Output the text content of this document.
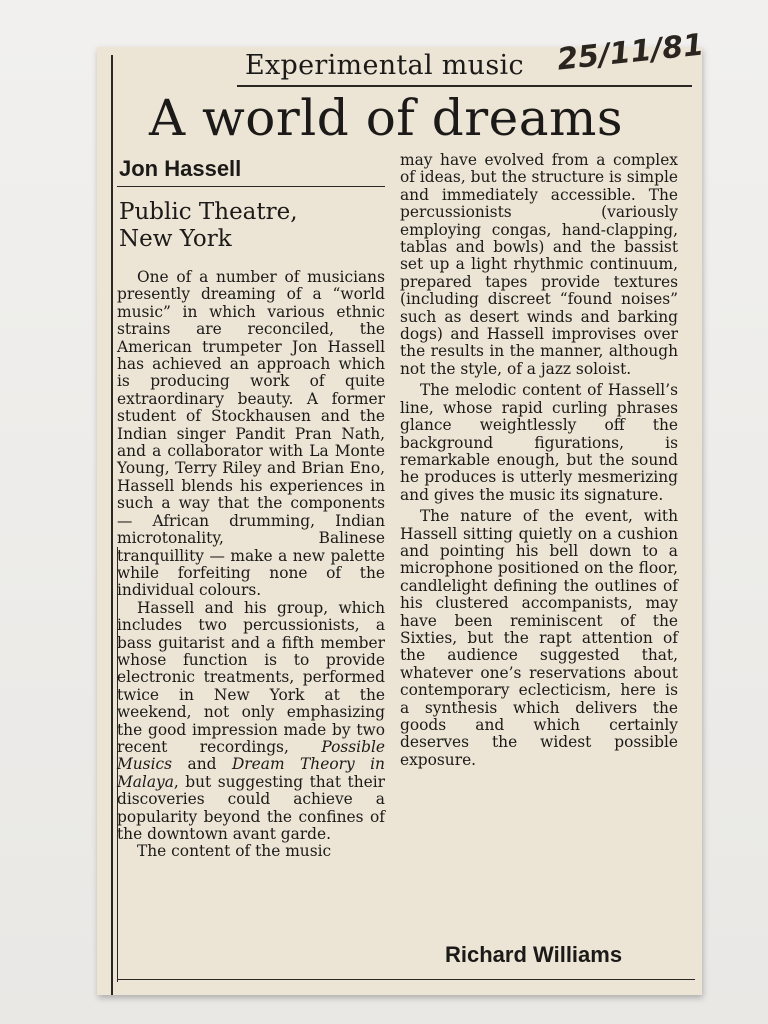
Experimental music 25/11/81
A world of dreams
Jon Hassell
Public Theatre,
New York

One of a number of musicians presently dreaming of a “world music” in which various ethnic strains are reconciled, the American trumpeter Jon Hassell has achieved an approach which is producing work of quite extraordinary beauty. A former student of Stockhausen and the Indian singer Pandit Pran Nath, and a collaborator with La Monte Young, Terry Riley and Brian Eno, Hassell blends his experiences in such a way that the components — African drumming, Indian microtonality, Balinese tranquillity — make a new palette while forfeiting none of the individual colours.

Hassell and his group, which includes two percussionists, a bass guitarist and a fifth member whose function is to provide electronic treatments, performed twice in New York at the weekend, not only emphasizing the good impression made by two recent recordings, Possible Musics and Dream Theory in Malaya, but suggesting that their discoveries could achieve a popularity beyond the confines of the downtown avant garde.

The content of the music

may have evolved from a complex of ideas, but the structure is simple and immediately accessible. The percussionists (variously employing congas, hand-clapping, tablas and bowls) and the bassist set up a light rhythmic continuum, prepared tapes provide textures (including discreet “found noises” such as desert winds and barking dogs) and Hassell improvises over the results in the manner, although not the style, of a jazz soloist.

The melodic content of Hassell’s line, whose rapid curling phrases glance weightlessly off the background figurations, is remarkable enough, but the sound he produces is utterly mesmerizing and gives the music its signature.

The nature of the event, with Hassell sitting quietly on a cushion and pointing his bell down to a microphone positioned on the floor, candlelight defining the outlines of his clustered accompanists, may have been reminiscent of the Sixties, but the rapt attention of the audience suggested that, whatever one’s reservations about contemporary eclecticism, here is a synthesis which delivers the goods and which certainly deserves the widest possible exposure.

Richard Williams
